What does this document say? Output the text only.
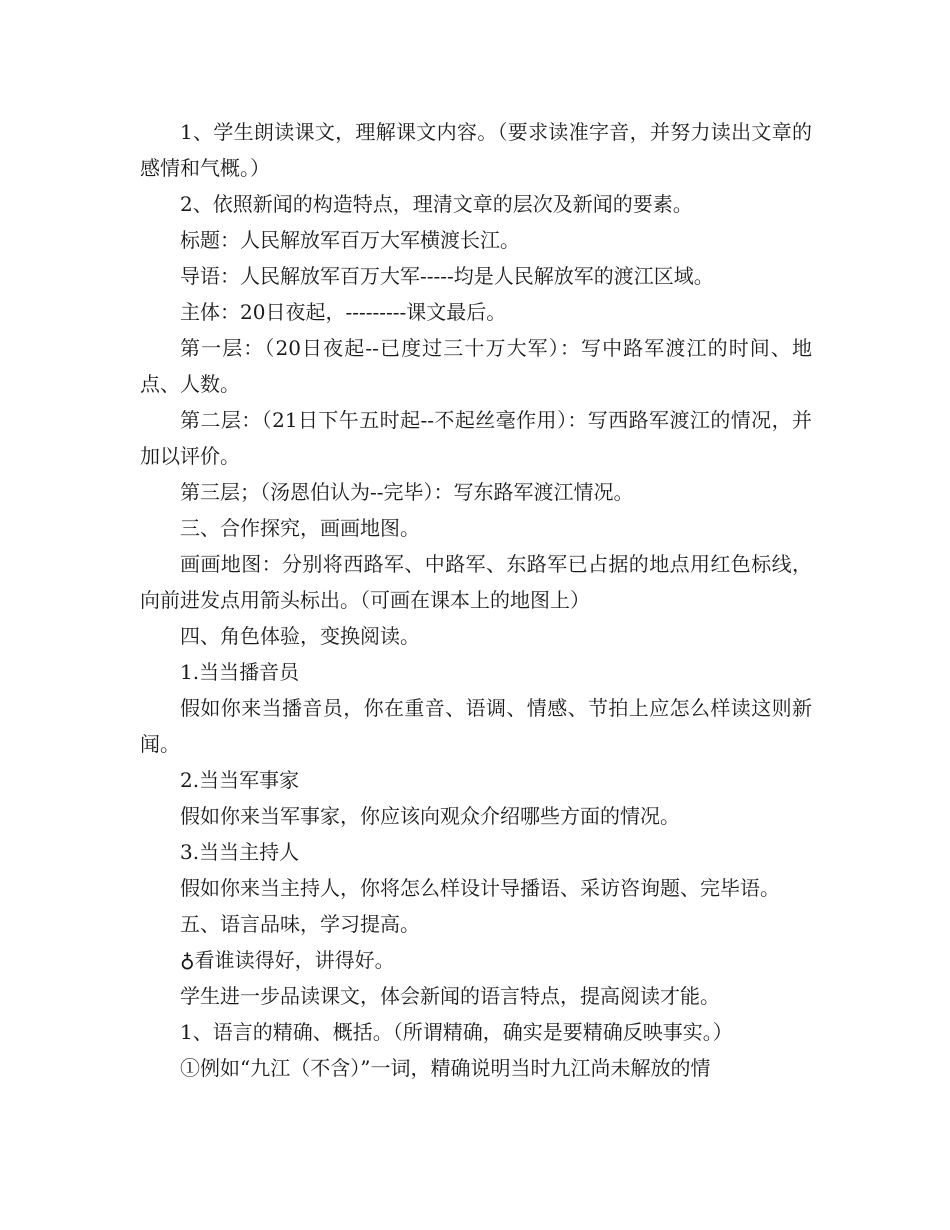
1、学生朗读课文，理解课文内容。（要求读准字音，并努力读出文章的感情和气概。）

2、依照新闻的构造特点，理清文章的层次及新闻的要素。

标题：人民解放军百万大军横渡长江。

导语：人民解放军百万大军-----均是人民解放军的渡江区域。

主体：20日夜起，---------课文最后。

第一层：（20日夜起--已度过三十万大军）：写中路军渡江的时间、地点、人数。

第二层：（21日下午五时起--不起丝毫作用）：写西路军渡江的情况，并加以评价。

第三层；（汤恩伯认为--完毕）：写东路军渡江情况。

三、合作探究，画画地图。

画画地图：分别将西路军、中路军、东路军已占据的地点用红色标线，向前进发点用箭头标出。（可画在课本上的地图上）

四、角色体验，变换阅读。

1.当当播音员

假如你来当播音员，你在重音、语调、情感、节拍上应怎么样读这则新闻。

2.当当军事家

假如你来当军事家，你应该向观众介绍哪些方面的情况。

3.当当主持人

假如你来当主持人，你将怎么样设计导播语、采访咨询题、完毕语。

五、语言品味，学习提高。

♁看谁读得好，讲得好。

学生进一步品读课文，体会新闻的语言特点，提高阅读才能。

1、语言的精确、概括。（所谓精确，确实是要精确反映事实。）

①例如“九江（不含）”一词，精确说明当时九江尚未解放的情
